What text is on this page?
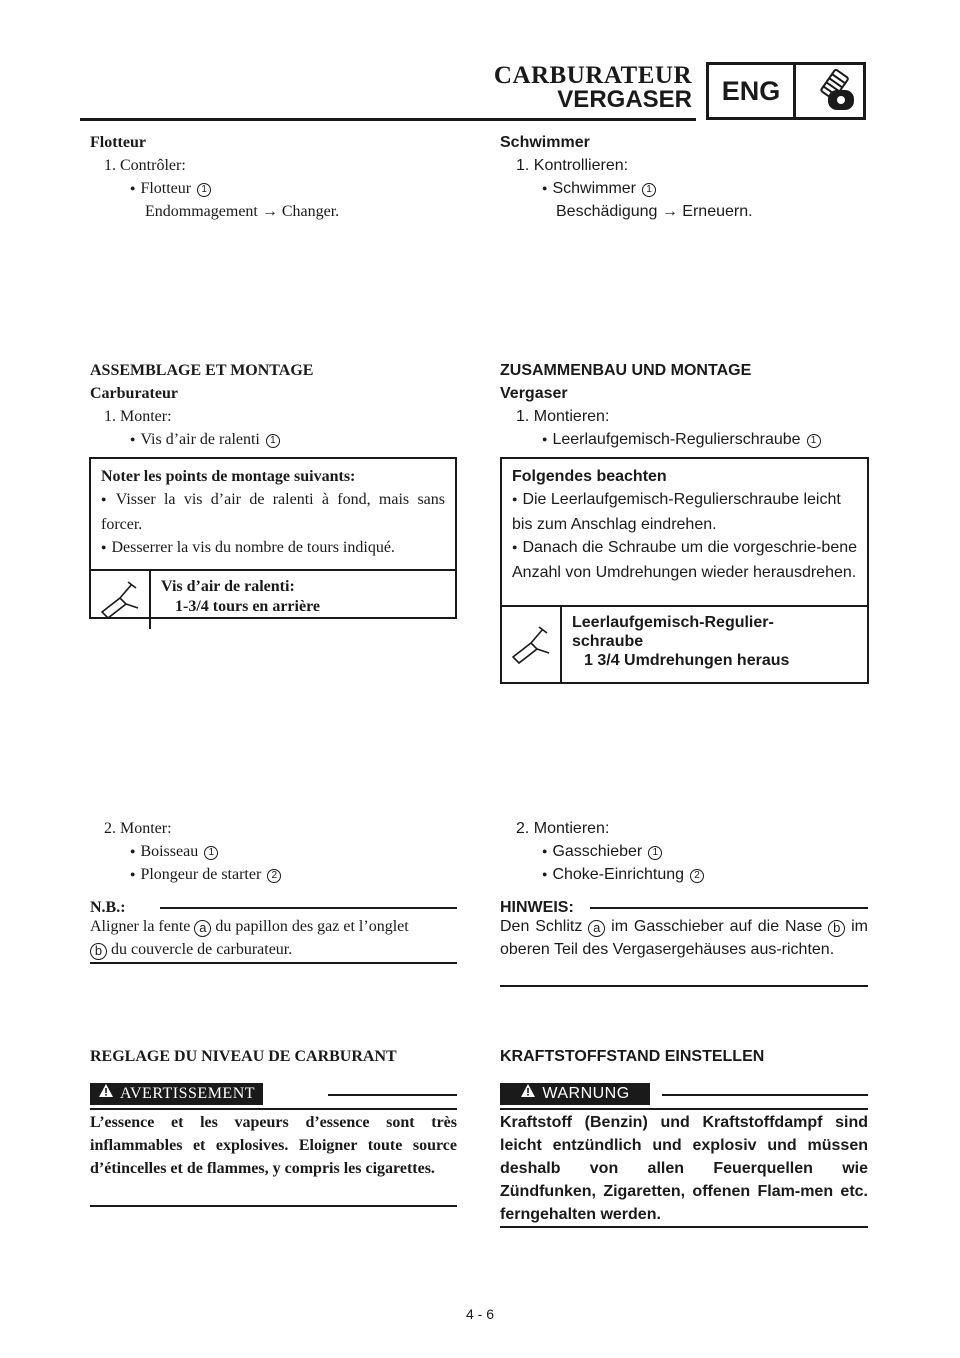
CARBURATEUR
VERGASER	ENG
Flotteur
1. Contrôler:
● Flotteur 1
Endommagement → Changer.
ASSEMBLAGE ET MONTAGE
Carburateur
1. Monter:
● Vis d’air de ralenti 1
Noter les points de montage suivants:
● Visser la vis d’air de ralenti à fond, mais sans forcer.
● Desserrer la vis du nombre de tours indiqué.
Vis d’air de ralenti:
1-3/4 tours en arrière
2. Monter:
● Boisseau 1
● Plongeur de starter 2
N.B.:
Aligner la fente a du papillon des gaz et l’onglet
b du couvercle de carburateur.
REGLAGE DU NIVEAU DE CARBURANT
AVERTISSEMENT
L’essence et les vapeurs d’essence sont très inflammables et explosives. Eloigner toute source d’étincelles et de flammes, y compris les cigarettes.
Schwimmer
1. Kontrollieren:
● Schwimmer 1
Beschädigung → Erneuern.
ZUSAMMENBAU UND MONTAGE
Vergaser
1. Montieren:
● Leerlaufgemisch-Regulierschraube 1
Folgendes beachten
● Die Leerlaufgemisch-Regulierschraube leicht bis zum Anschlag eindrehen.
● Danach die Schraube um die vorgeschrie-bene Anzahl von Umdrehungen wieder herausdrehen.
Leerlaufgemisch-Regulier-schraube
1 3/4 Umdrehungen heraus
2. Montieren:
● Gasschieber 1
● Choke-Einrichtung 2
HINWEIS:
Den Schlitz a im Gasschieber auf die Nase b im oberen Teil des Vergasergehäuses aus-richten.
KRAFTSTOFFSTAND EINSTELLEN
WARNUNG
Kraftstoff (Benzin) und Kraftstoffdampf sind leicht entzündlich und explosiv und müssen deshalb von allen Feuerquellen wie Zündfunken, Zigaretten, offenen Flam-men etc. ferngehalten werden.
4 - 6
